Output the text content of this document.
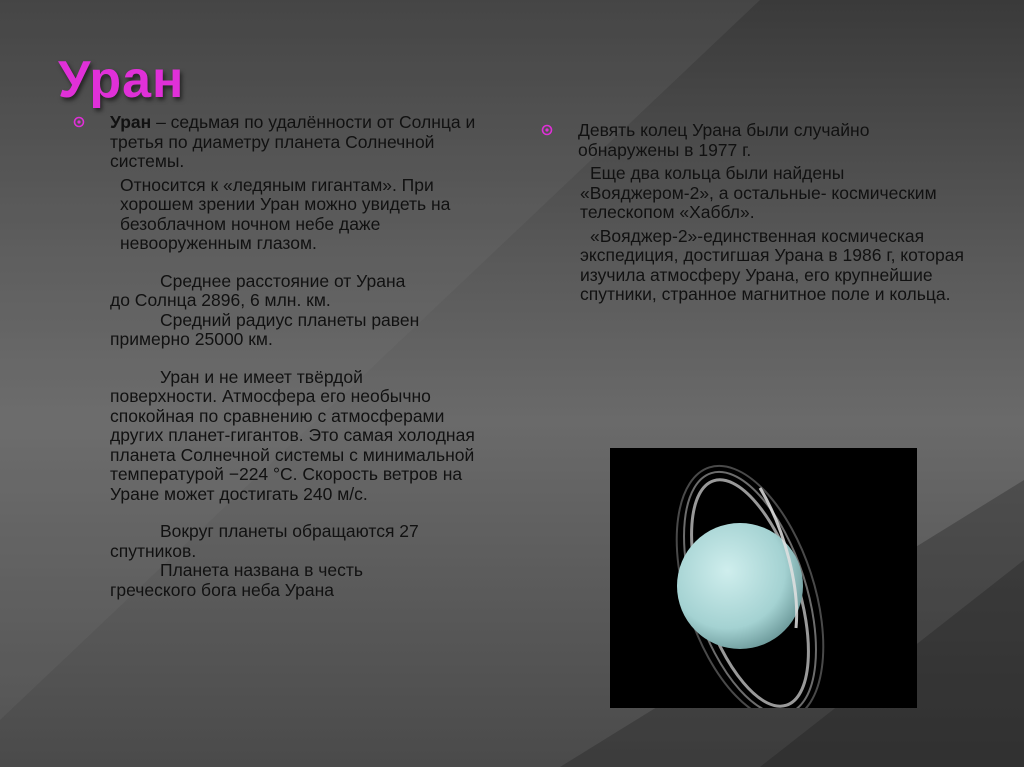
Уран
Уран – седьмая по удалённости от Солнца и третья по диаметру планета Солнечной системы.

Относится к «ледяным гигантам». При хорошем зрении Уран можно увидеть на безоблачном ночном небе даже невооруженным глазом.

Среднее расстояние от Урана
до Солнца 2896, 6 млн. км.
Средний радиус планеты равен
примерно 25000 км.

Уран и не имеет твёрдой
поверхности. Атмосфера его необычно спокойная по сравнению с атмосферами других планет-гигантов. Это самая холодная планета Солнечной системы с минимальной температурой −224 °C. Скорость ветров на Уране может достигать 240 м/с.

Вокруг планеты обращаются 27
спутников.
Планета названа в честь
греческого бога неба Урана

Девять колец Урана были случайно обнаружены в 1977 г.

Еще два кольца были найдены «Вояджером-2», а остальные- космическим телескопом «Хаббл».

«Вояджер-2»-единственная космическая экспедиция, достигшая Урана в 1986 г, которая изучила атмосферу Урана, его крупнейшие спутники, странное магнитное поле и кольца.
